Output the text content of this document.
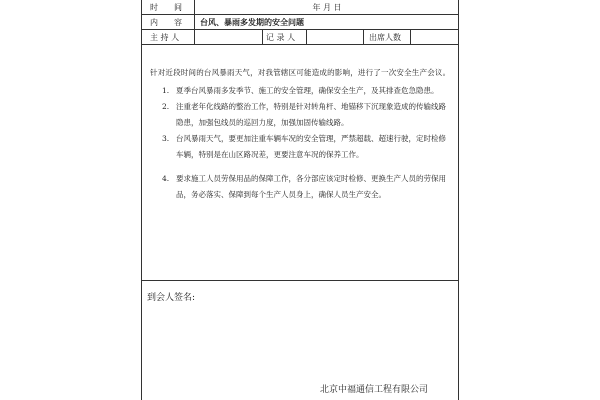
时　　间	年 月 日
内　　容	台风、暴雨多发期的安全问题
主 持 人	记 录 人	出席人数
针对近段时间的台风暴雨天气，对我管辖区可能造成的影响，进行了一次安全生产会议。
1. 夏季台风暴雨多发季节、施工的安全管理，确保安全生产，及其排查危急隐患。
2. 注重老年化线路的整治工作，特别是针对转角杆、地锚移下沉现象造成的传输线路隐患，加强包线员的巡回力度，加强加固传输线路。
3. 台风暴雨天气，要更加注重车辆车况的安全管理，严禁超载、超速行驶，定时检修车辆，特别是在山区路况差，更要注意车况的保养工作。
4. 要求施工人员劳保用品的保障工作，各分部应该定时检修、更换生产人员的劳保用品，务必落实、保障到每个生产人员身上，确保人员生产安全。
到会人签名:
北京中福通信工程有限公司
